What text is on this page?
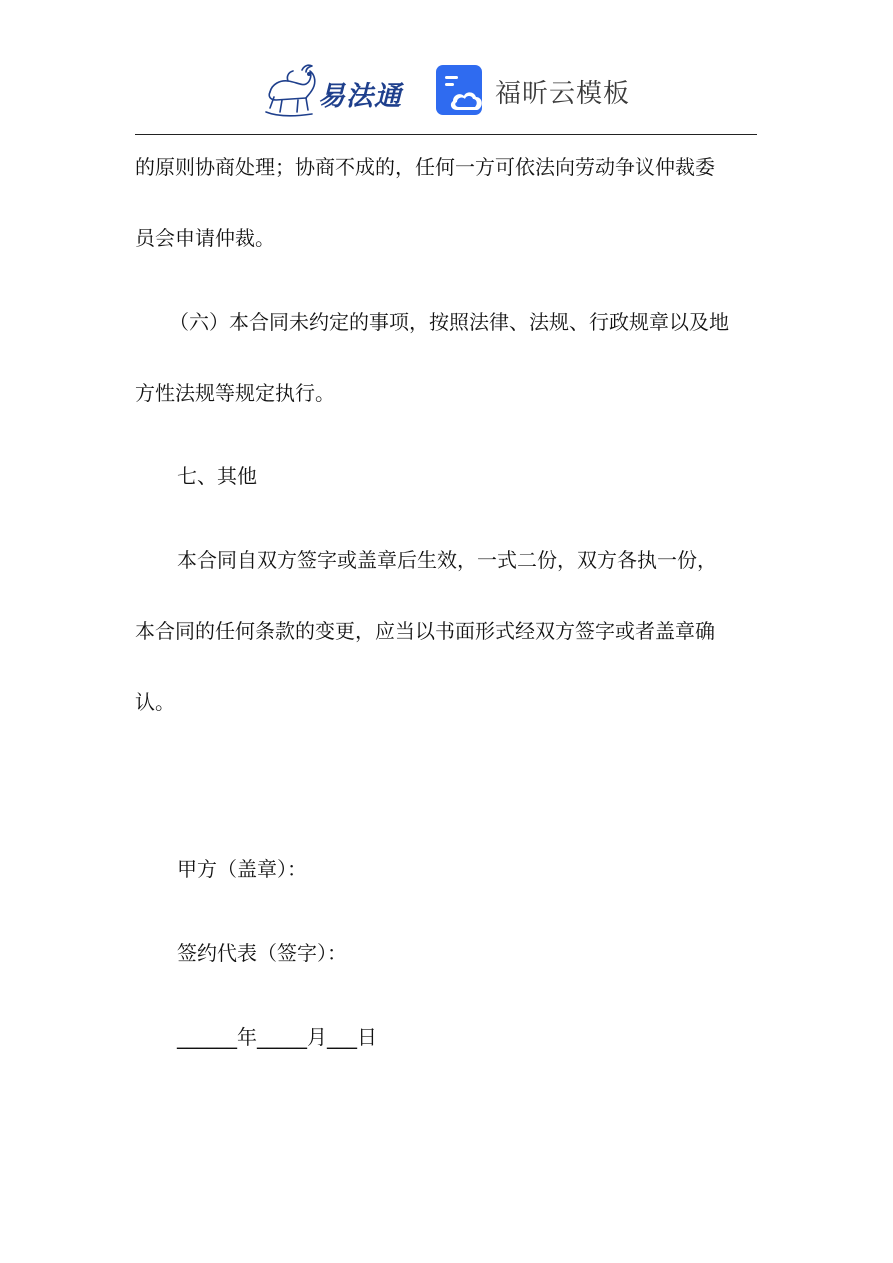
易法通	福昕云模板
的原则协商处理；协商不成的，任何一方可依法向劳动争议仲裁委
员会申请仲裁。
（六）本合同未约定的事项，按照法律、法规、行政规章以及地
方性法规等规定执行。
七、其他
本合同自双方签字或盖章后生效，一式二份，双方各执一份，
本合同的任何条款的变更，应当以书面形式经双方签字或者盖章确
认。
甲方（盖章）：
签约代表（签字）：
______年_____月___日
